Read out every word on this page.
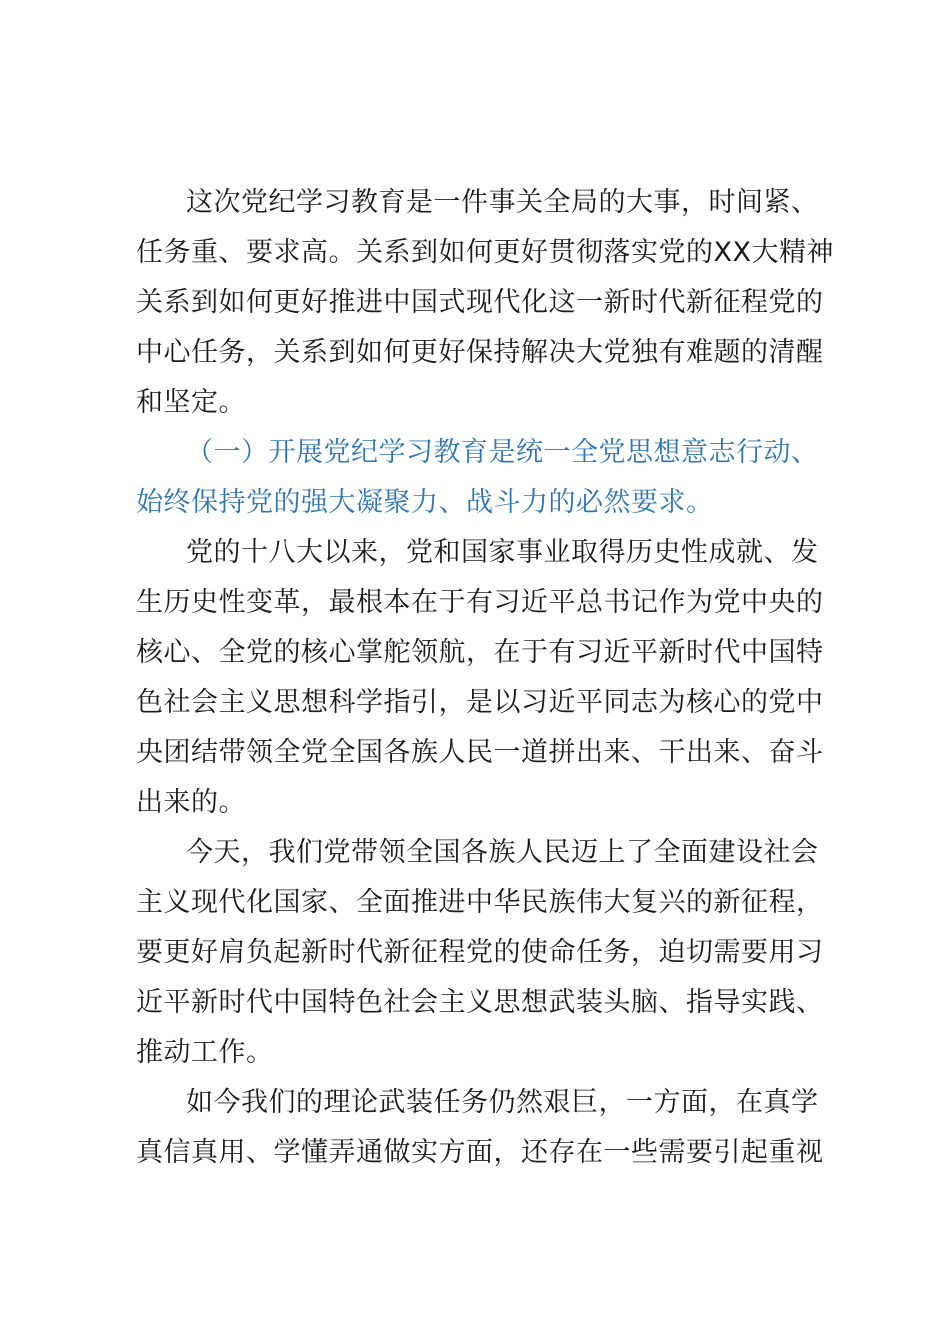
这次党纪学习教育是一件事关全局的大事，时间紧、
任务重、要求高。关系到如何更好贯彻落实党的XX大精神
关系到如何更好推进中国式现代化这一新时代新征程党的
中心任务，关系到如何更好保持解决大党独有难题的清醒
和坚定。
（一）开展党纪学习教育是统一全党思想意志行动、
始终保持党的强大凝聚力、战斗力的必然要求。
党的十八大以来，党和国家事业取得历史性成就、发
生历史性变革，最根本在于有习近平总书记作为党中央的
核心、全党的核心掌舵领航，在于有习近平新时代中国特
色社会主义思想科学指引，是以习近平同志为核心的党中
央团结带领全党全国各族人民一道拼出来、干出来、奋斗
出来的。
今天，我们党带领全国各族人民迈上了全面建设社会
主义现代化国家、全面推进中华民族伟大复兴的新征程，
要更好肩负起新时代新征程党的使命任务，迫切需要用习
近平新时代中国特色社会主义思想武装头脑、指导实践、
推动工作。
如今我们的理论武装任务仍然艰巨，一方面，在真学
真信真用、学懂弄通做实方面，还存在一些需要引起重视
